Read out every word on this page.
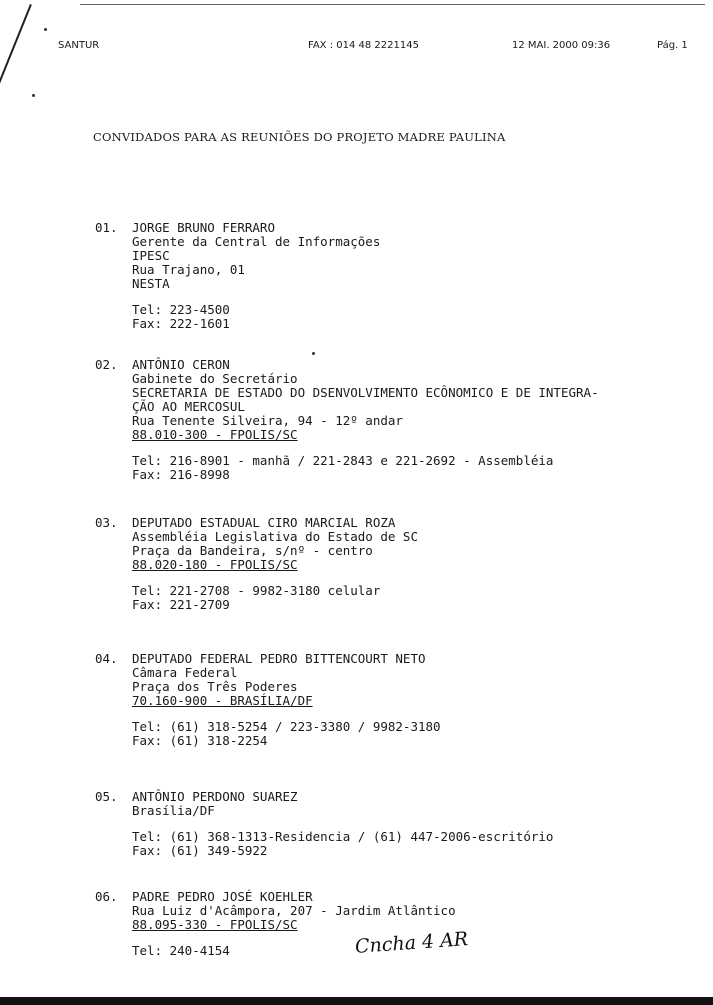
SANTUR	FAX : 014 48 2221145	12 MAI. 2000 09:36	Pág. 1
CONVIDADOS PARA AS REUNIÕES DO PROJETO MADRE PAULINA
01.	JORGE BRUNO FERRARO
Gerente da Central de Informações
IPESC
Rua Trajano, 01
NESTA
Tel: 223-4500
Fax: 222-1601
02.	ANTÔNIO CERON
Gabinete do Secretário
SECRETARIA DE ESTADO DO DSENVOLVIMENTO ECÔNOMICO E DE INTEGRA-
ÇÃO AO MERCOSUL
Rua Tenente Silveira, 94 - 12º andar
88.010-300 - FPOLIS/SC
Tel: 216-8901 - manhã / 221-2843 e 221-2692 - Assembléia
Fax: 216-8998
03.	DEPUTADO ESTADUAL CIRO MARCIAL ROZA
Assembléia Legislativa do Estado de SC
Praça da Bandeira, s/nº - centro
88.020-180 - FPOLIS/SC
Tel: 221-2708 - 9982-3180 celular
Fax: 221-2709
04.	DEPUTADO FEDERAL PEDRO BITTENCOURT NETO
Câmara Federal
Praça dos Três Poderes
70.160-900 - BRASÍLIA/DF
Tel: (61) 318-5254 / 223-3380 / 9982-3180
Fax: (61) 318-2254
05.	ANTÔNIO PERDONO SUAREZ
Brasília/DF
Tel: (61) 368-1313-Residencia / (61) 447-2006-escritório
Fax: (61) 349-5922
06.	PADRE PEDRO JOSÉ KOEHLER
Rua Luiz d'Acâmpora, 207 - Jardim Atlântico
88.095-330 - FPOLIS/SC
Tel: 240-4154	Cncha 4 AR
